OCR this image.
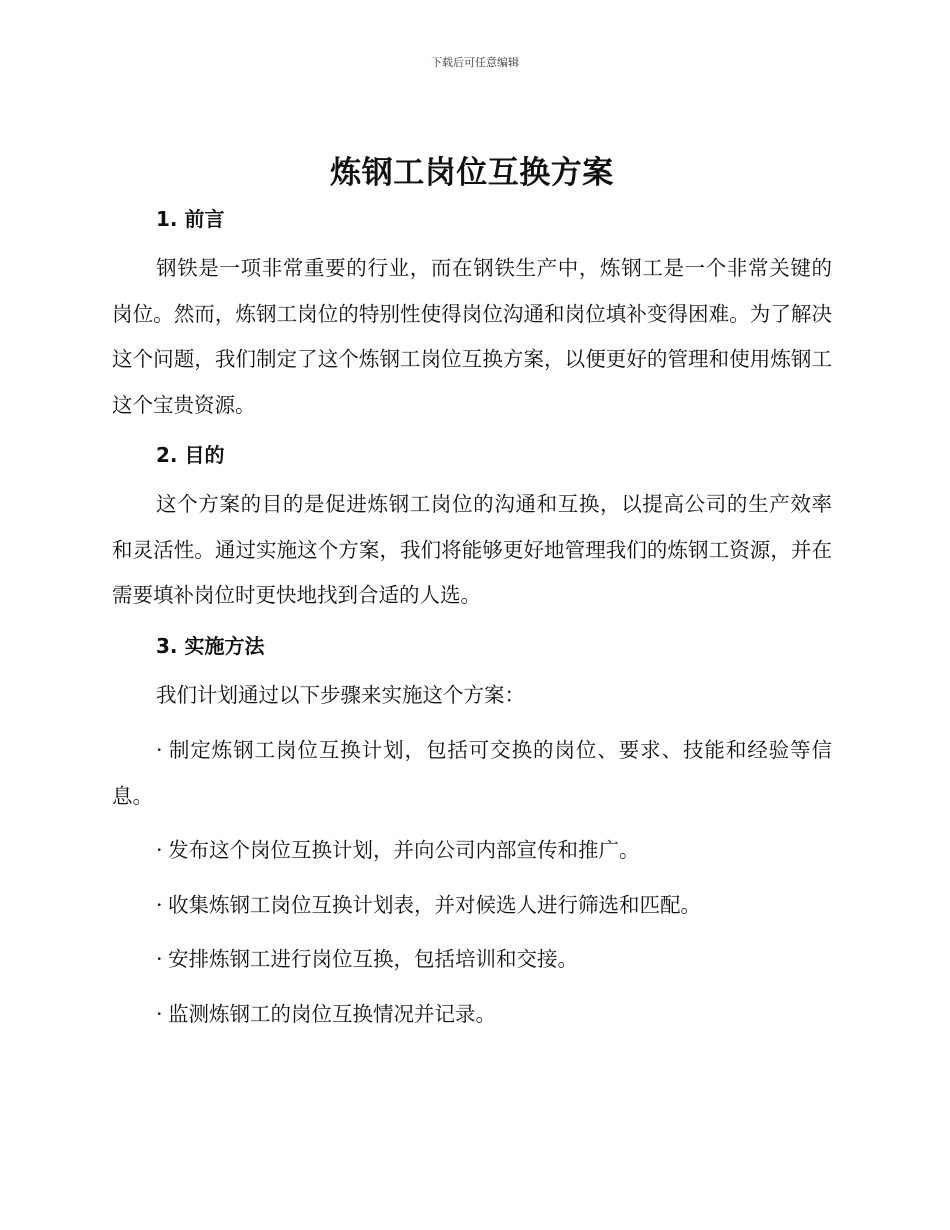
下载后可任意编辑
炼钢工岗位互换方案
1. 前言

钢铁是一项非常重要的行业，而在钢铁生产中，炼钢工是一个非常关键的岗位。然而，炼钢工岗位的特别性使得岗位沟通和岗位填补变得困难。为了解决这个问题，我们制定了这个炼钢工岗位互换方案，以便更好的管理和使用炼钢工这个宝贵资源。

2. 目的

这个方案的目的是促进炼钢工岗位的沟通和互换，以提高公司的生产效率和灵活性。通过实施这个方案，我们将能够更好地管理我们的炼钢工资源，并在需要填补岗位时更快地找到合适的人选。

3. 实施方法

我们计划通过以下步骤来实施这个方案：

· 制定炼钢工岗位互换计划，包括可交换的岗位、要求、技能和经验等信息。

· 发布这个岗位互换计划，并向公司内部宣传和推广。

· 收集炼钢工岗位互换计划表，并对候选人进行筛选和匹配。

· 安排炼钢工进行岗位互换，包括培训和交接。

· 监测炼钢工的岗位互换情况并记录。
